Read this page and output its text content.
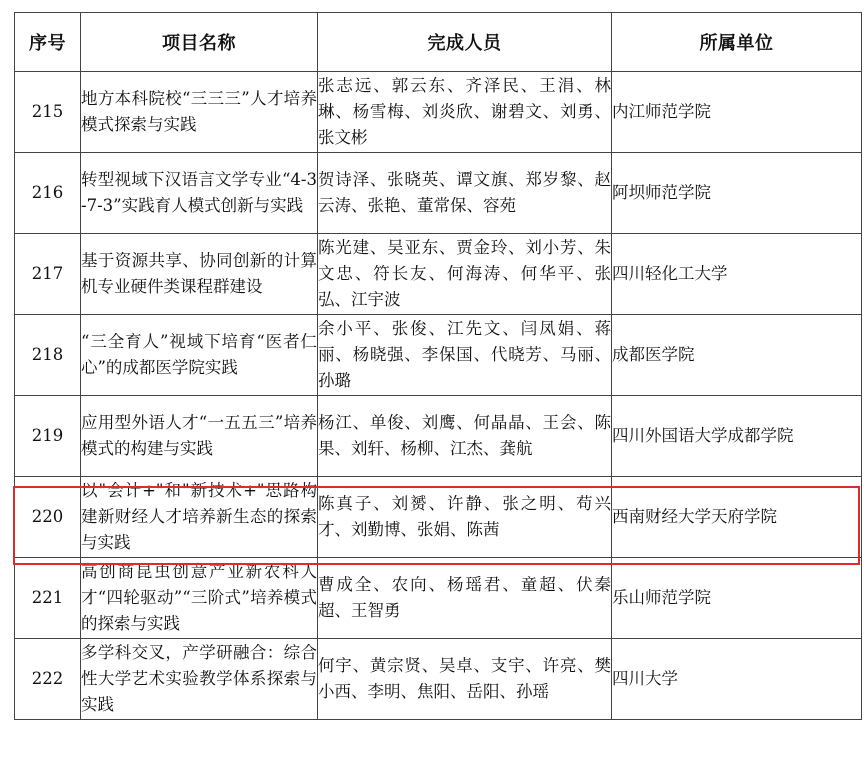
序号	项目名称	完成人员	所属单位
215	地方本科院校“三三三”人才培养模式探索与实践	张志远、郭云东、齐泽民、王涓、林琳、杨雪梅、刘炎欣、谢碧文、刘勇、张文彬	内江师范学院
216	转型视域下汉语言文学专业“4-3-7-3”实践育人模式创新与实践	贺诗泽、张晓英、谭文旗、郑岁黎、赵云涛、张艳、董常保、容苑	阿坝师范学院
217	基于资源共享、协同创新的计算机专业硬件类课程群建设	陈光建、吴亚东、贾金玲、刘小芳、朱文忠、符长友、何海涛、何华平、张弘、江宇波	四川轻化工大学
218	“三全育人”视域下培育“医者仁心”的成都医学院实践	余小平、张俊、江先文、闫凤娟、蒋丽、杨晓强、李保国、代晓芳、马丽、孙璐	成都医学院
219	应用型外语人才“一五五三”培养模式的构建与实践	杨江、单俊、刘鹰、何晶晶、王会、陈果、刘轩、杨柳、江杰、龚航	四川外国语大学成都学院
220	以"会计+"和"新技术+"思路构建新财经人才培养新生态的探索与实践	陈真子、刘赟、许静、张之明、苟兴才、刘勤博、张娟、陈茜	西南财经大学天府学院
221	高创商昆虫创意产业新农科人才“四轮驱动”“三阶式”培养模式的探索与实践	曹成全、农向、杨瑶君、童超、伏秦超、王智勇	乐山师范学院
222	多学科交叉，产学研融合：综合性大学艺术实验教学体系探索与实践	何宇、黄宗贤、吴卓、支宇、许亮、樊小西、李明、焦阳、岳阳、孙瑶	四川大学
